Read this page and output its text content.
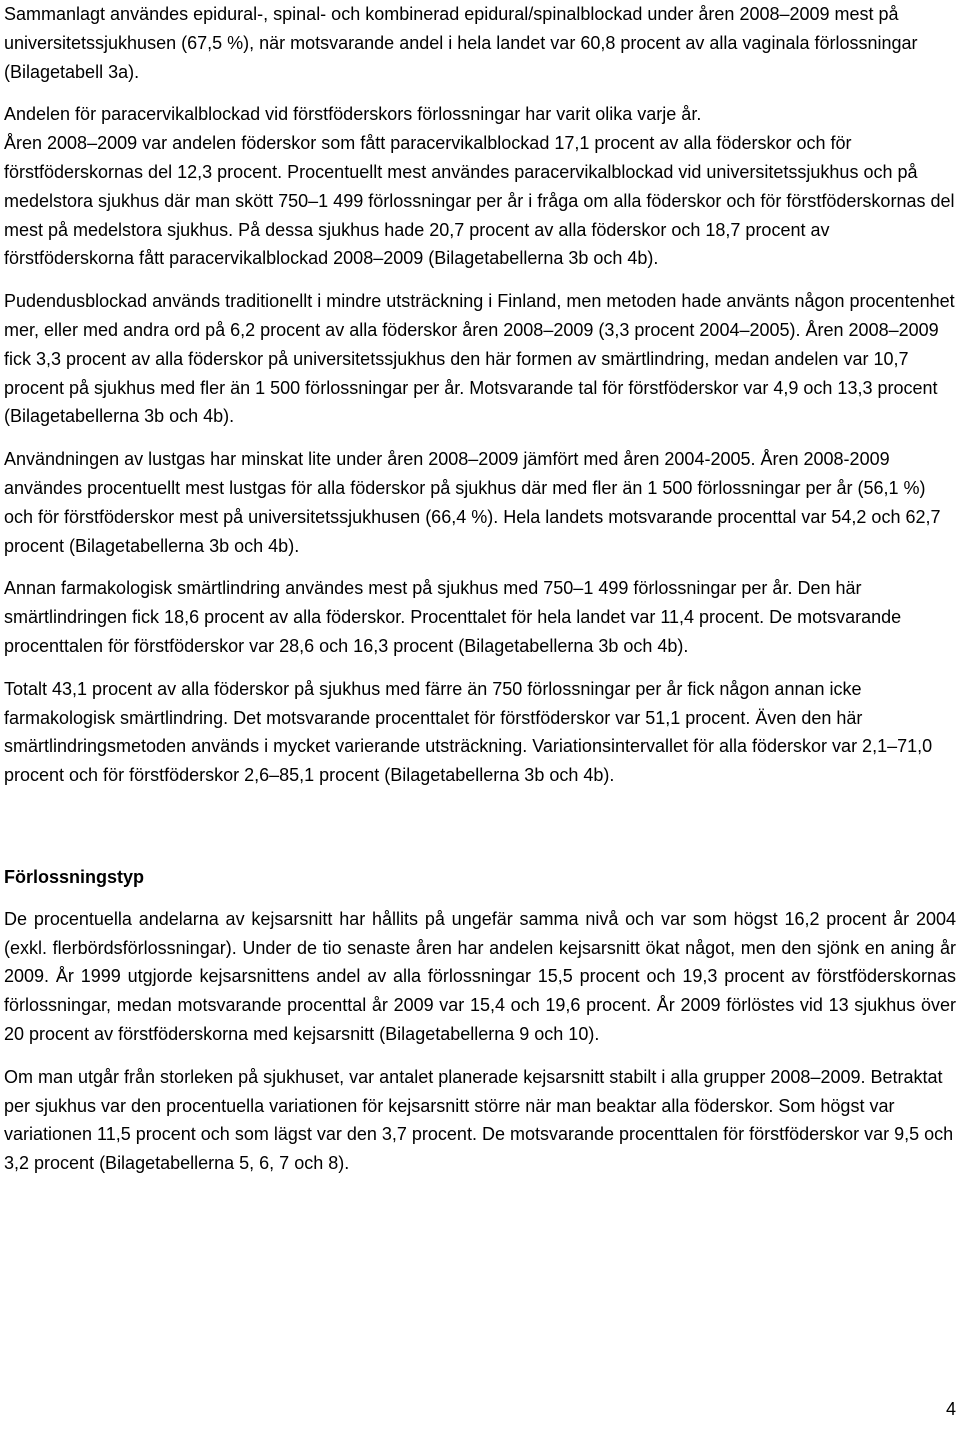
Sammanlagt användes epidural-, spinal- och kombinerad epidural/spinalblockad under åren 2008–2009 mest på universitetssjukhusen (67,5 %), när motsvarande andel i hela landet var 60,8 procent av alla vaginala förlossningar (Bilagetabell 3a).

Andelen för paracervikalblockad vid förstföderskors förlossningar har varit olika varje år.

Åren 2008–2009 var andelen föderskor som fått paracervikalblockad 17,1 procent av alla föderskor och för förstföderskornas del 12,3 procent. Procentuellt mest användes paracervikalblockad vid universitetssjukhus och på medelstora sjukhus där man skött 750–1 499 förlossningar per år i fråga om alla föderskor och för förstföderskornas del mest på medelstora sjukhus. På dessa sjukhus hade 20,7 procent av alla föderskor och 18,7 procent av förstföderskorna fått paracervikalblockad 2008–2009 (Bilagetabellerna 3b och 4b).

Pudendusblockad används traditionellt i mindre utsträckning i Finland, men metoden hade använts någon procentenhet mer, eller med andra ord på 6,2 procent av alla föderskor åren 2008–2009 (3,3 procent 2004–2005). Åren 2008–2009 fick 3,3 procent av alla föderskor på universitetssjukhus den här formen av smärtlindring, medan andelen var 10,7 procent på sjukhus med fler än 1 500 förlossningar per år. Motsvarande tal för förstföderskor var 4,9 och 13,3 procent (Bilagetabellerna 3b och 4b).

Användningen av lustgas har minskat lite under åren 2008–2009 jämfört med åren 2004-2005. Åren 2008-2009 användes procentuellt mest lustgas för alla föderskor på sjukhus där med fler än 1 500 förlossningar per år (56,1 %) och för förstföderskor mest på universitetssjukhusen (66,4 %). Hela landets motsvarande procenttal var 54,2 och 62,7 procent (Bilagetabellerna 3b och 4b).

Annan farmakologisk smärtlindring användes mest på sjukhus med 750–1 499 förlossningar per år. Den här smärtlindringen fick 18,6 procent av alla föderskor. Procenttalet för hela landet var 11,4 procent. De motsvarande procenttalen för förstföderskor var 28,6 och 16,3 procent (Bilagetabellerna 3b och 4b).

Totalt 43,1 procent av alla föderskor på sjukhus med färre än 750 förlossningar per år fick någon annan icke farmakologisk smärtlindring. Det motsvarande procenttalet för förstföderskor var 51,1 procent. Även den här smärtlindringsmetoden används i mycket varierande utsträckning. Variationsintervallet för alla föderskor var 2,1–71,0 procent och för förstföderskor 2,6–85,1 procent (Bilagetabellerna 3b och 4b).

Förlossningstyp

De procentuella andelarna av kejsarsnitt har hållits på ungefär samma nivå och var som högst 16,2 procent år 2004 (exkl. flerbördsförlossningar). Under de tio senaste åren har andelen kejsarsnitt ökat något, men den sjönk en aning år 2009. År 1999 utgjorde kejsarsnittens andel av alla förlossningar 15,5 procent och 19,3 procent av förstföderskornas förlossningar, medan motsvarande procenttal år 2009 var 15,4 och 19,6 procent. År 2009 förlöstes vid 13 sjukhus över 20 procent av förstföderskorna med kejsarsnitt (Bilagetabellerna 9 och 10).

Om man utgår från storleken på sjukhuset, var antalet planerade kejsarsnitt stabilt i alla grupper 2008–2009. Betraktat per sjukhus var den procentuella variationen för kejsarsnitt större när man beaktar alla föderskor. Som högst var variationen 11,5 procent och som lägst var den 3,7 procent. De motsvarande procenttalen för förstföderskor var 9,5 och 3,2 procent (Bilagetabellerna 5, 6, 7 och 8).

4
